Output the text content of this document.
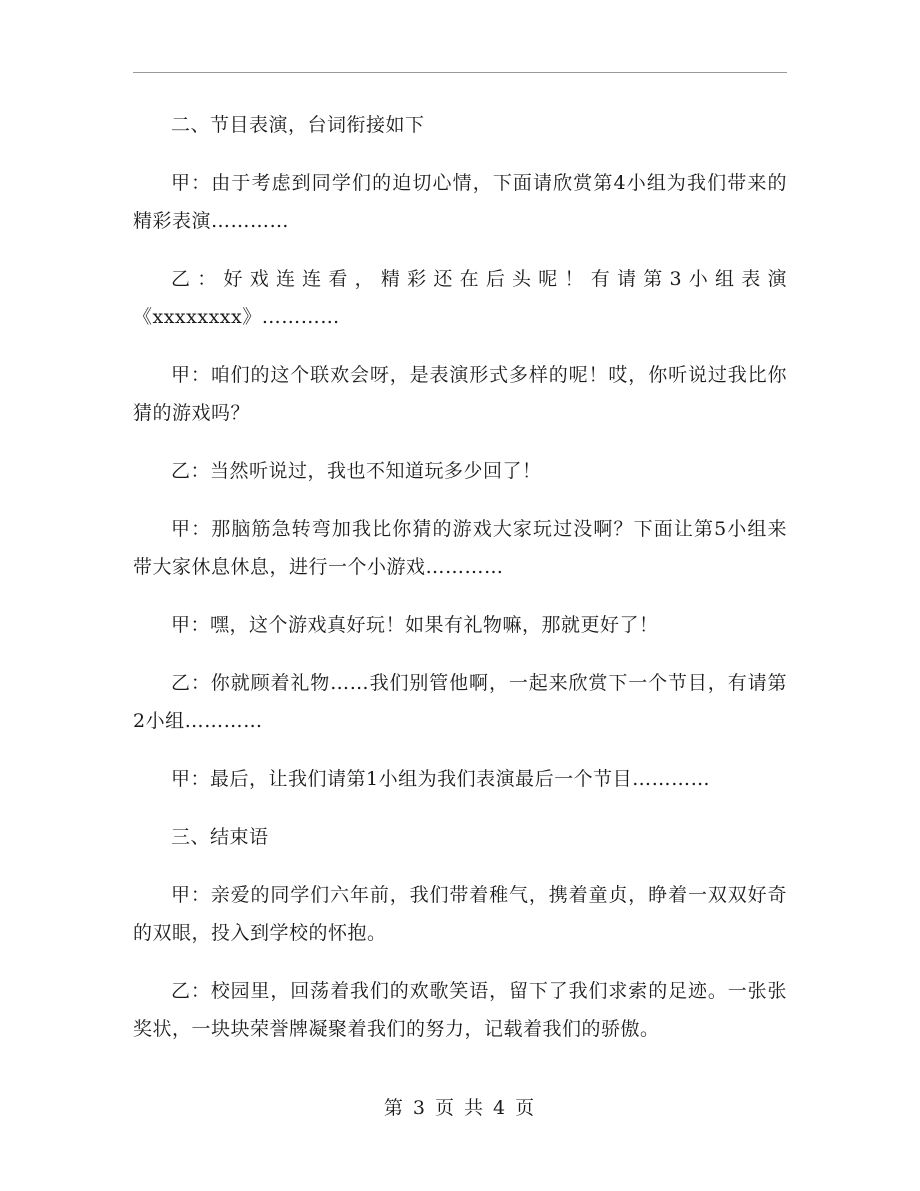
二、节目表演，台词衔接如下

甲：由于考虑到同学们的迫切心情，下面请欣赏第4小组为我们带来的精彩表演…………

乙：好戏连连看，精彩还在后头呢！有请第3小组表演《xxxxxxxx》…………

甲：咱们的这个联欢会呀，是表演形式多样的呢！哎，你听说过我比你猜的游戏吗？

乙：当然听说过，我也不知道玩多少回了！

甲：那脑筋急转弯加我比你猜的游戏大家玩过没啊？下面让第5小组来带大家休息休息，进行一个小游戏…………

甲：嘿，这个游戏真好玩！如果有礼物嘛，那就更好了！

乙：你就顾着礼物……我们别管他啊，一起来欣赏下一个节目，有请第2小组…………

甲：最后，让我们请第1小组为我们表演最后一个节目…………

三、结束语

甲：亲爱的同学们六年前，我们带着稚气，携着童贞，睁着一双双好奇的双眼，投入到学校的怀抱。

乙：校园里，回荡着我们的欢歌笑语，留下了我们求索的足迹。一张张奖状，一块块荣誉牌凝聚着我们的努力，记载着我们的骄傲。

第 3 页 共 4 页
